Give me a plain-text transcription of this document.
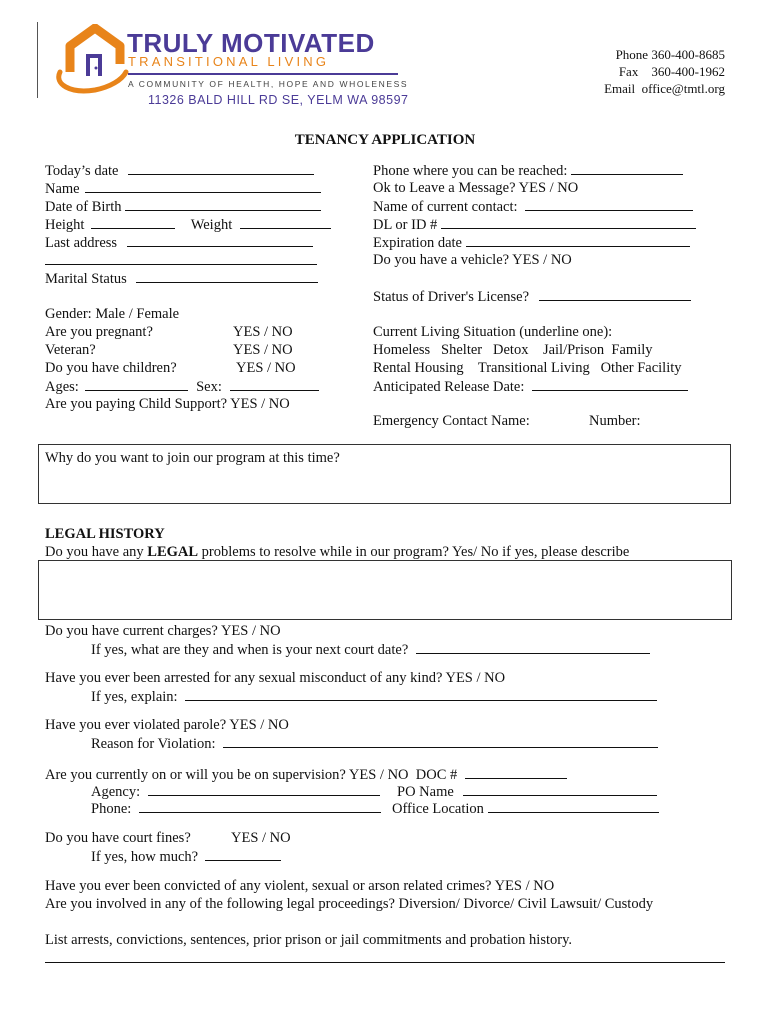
TRULY MOTIVATED
TRANSITIONAL LIVING
A COMMUNITY OF HEALTH, HOPE AND WHOLENESS
11326 BALD HILL RD SE, YELM WA 98597
Phone 360-400-8685
Fax    360-400-1962
Email  office@tmtl.org
TENANCY APPLICATION
Today’s date
Name
Date of Birth
Height	Weight
Last address
Marital Status
Gender: Male / Female
Are you pregnant?	YES / NO
Veteran?	YES / NO
Do you have children?	YES / NO
Ages:	Sex:
Are you paying Child Support? YES / NO
Phone where you can be reached:
Ok to Leave a Message? YES / NO
Name of current contact:
DL or ID #
Expiration date
Do you have a vehicle? YES / NO
Status of Driver's License?
Current Living Situation (underline one):
Homeless   Shelter   Detox    Jail/Prison  Family
Rental Housing    Transitional Living   Other Facility
Anticipated Release Date:
Emergency Contact Name:	Number:
Why do you want to join our program at this time?
LEGAL HISTORY
Do you have any LEGAL problems to resolve while in our program? Yes/ No if yes, please describe
Do you have current charges? YES / NO
If yes, what are they and when is your next court date?
Have you ever been arrested for any sexual misconduct of any kind? YES / NO
If yes, explain:
Have you ever violated parole? YES / NO
Reason for Violation:
Are you currently on or will you be on supervision? YES / NO  DOC #
Agency:	PO Name
Phone:	Office Location
Do you have court fines?	YES / NO
If yes, how much?
Have you ever been convicted of any violent, sexual or arson related crimes? YES / NO
Are you involved in any of the following legal proceedings? Diversion/ Divorce/ Civil Lawsuit/ Custody
List arrests, convictions, sentences, prior prison or jail commitments and probation history.
